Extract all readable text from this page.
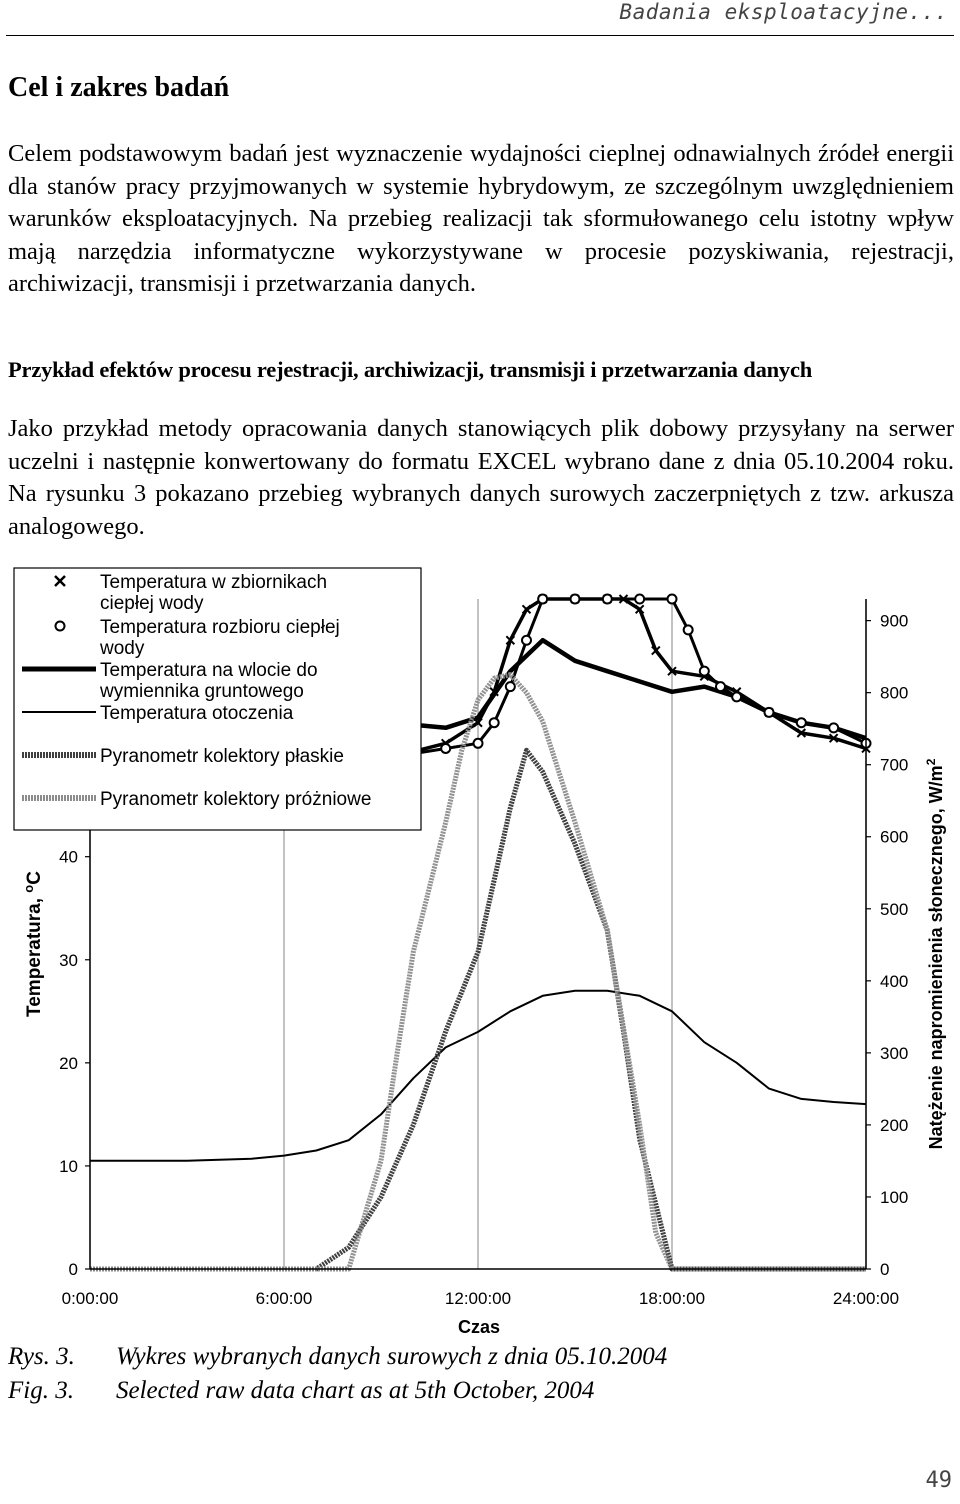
Badania eksploatacyjne...
Cel i zakres badań
Celem podstawowym badań jest wyznaczenie wydajności cieplnej odnawialnych źródeł energii dla stanów pracy przyjmowanych w systemie hybrydowym, ze szczególnym uwzględnieniem warunków eksploatacyjnych. Na przebieg realizacji tak sformułowanego celu istotny wpływ mają narzędzia informatyczne wykorzystywane w procesie pozyskiwania, rejestracji, archiwizacji, transmisji i przetwarzania danych.
Przykład efektów procesu rejestracji, archiwizacji, transmisji i przetwarzania danych
Jako przykład metody opracowania danych stanowiących plik dobowy przysyłany na serwer uczelni i następnie konwertowany do formatu EXCEL wybrano dane z dnia 05.10.2004 roku. Na rysunku 3 pokazano przebieg wybranych danych surowych zaczerpniętych z tzw. arkusza analogowego.
0:00:00	6:00:00	12:00:00	18:00:00	24:00:00
0
10
20
30
40
0
100
200
300
400
500
600
700
800
900
Temperatura, $^o$C	Natężenie napromienienia słonecznego, $W/m^2$
Czas
Temperatura w zbiornikach ciepłej wody
Temperatura rozbioru ciepłej wody
Temperatura na wlocie do wymiennika gruntowego
Temperatura otoczenia
Pyranometr kolektory płaskie
Pyranometr kolektory próżniowe
Rys. 3. Wykres wybranych danych surowych z dnia 05.10.2004
Fig. 3. Selected raw data chart as at 5th October, 2004
49
